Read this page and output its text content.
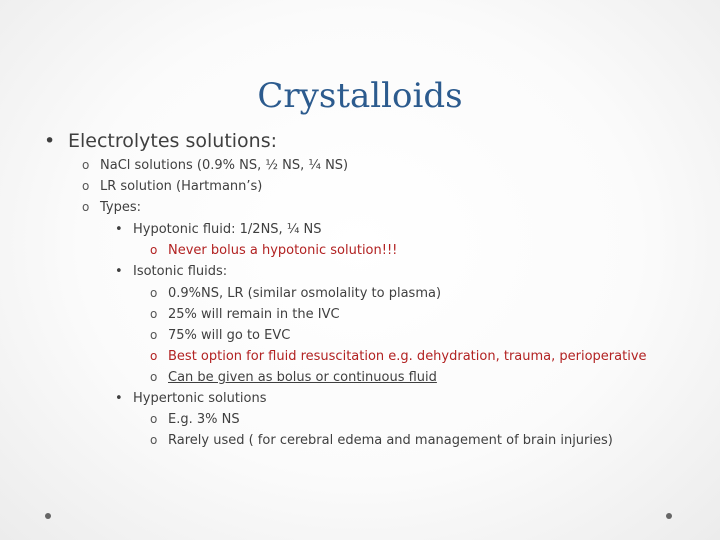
Crystalloids
• Electrolytes solutions:
o NaCl solutions (0.9% NS, ½ NS, ¼ NS)
o LR solution (Hartmann’s)
o Types:
• Hypotonic fluid: 1/2NS, ¼ NS
o Never bolus a hypotonic solution!!!
• Isotonic fluids:
o 0.9%NS, LR (similar osmolality to plasma)
o 25% will remain in the IVC
o 75% will go to EVC
o Best option for fluid resuscitation e.g. dehydration, trauma, perioperative
o Can be given as bolus or continuous fluid
• Hypertonic solutions
o E.g. 3% NS
o Rarely used ( for cerebral edema and management of brain injuries)
